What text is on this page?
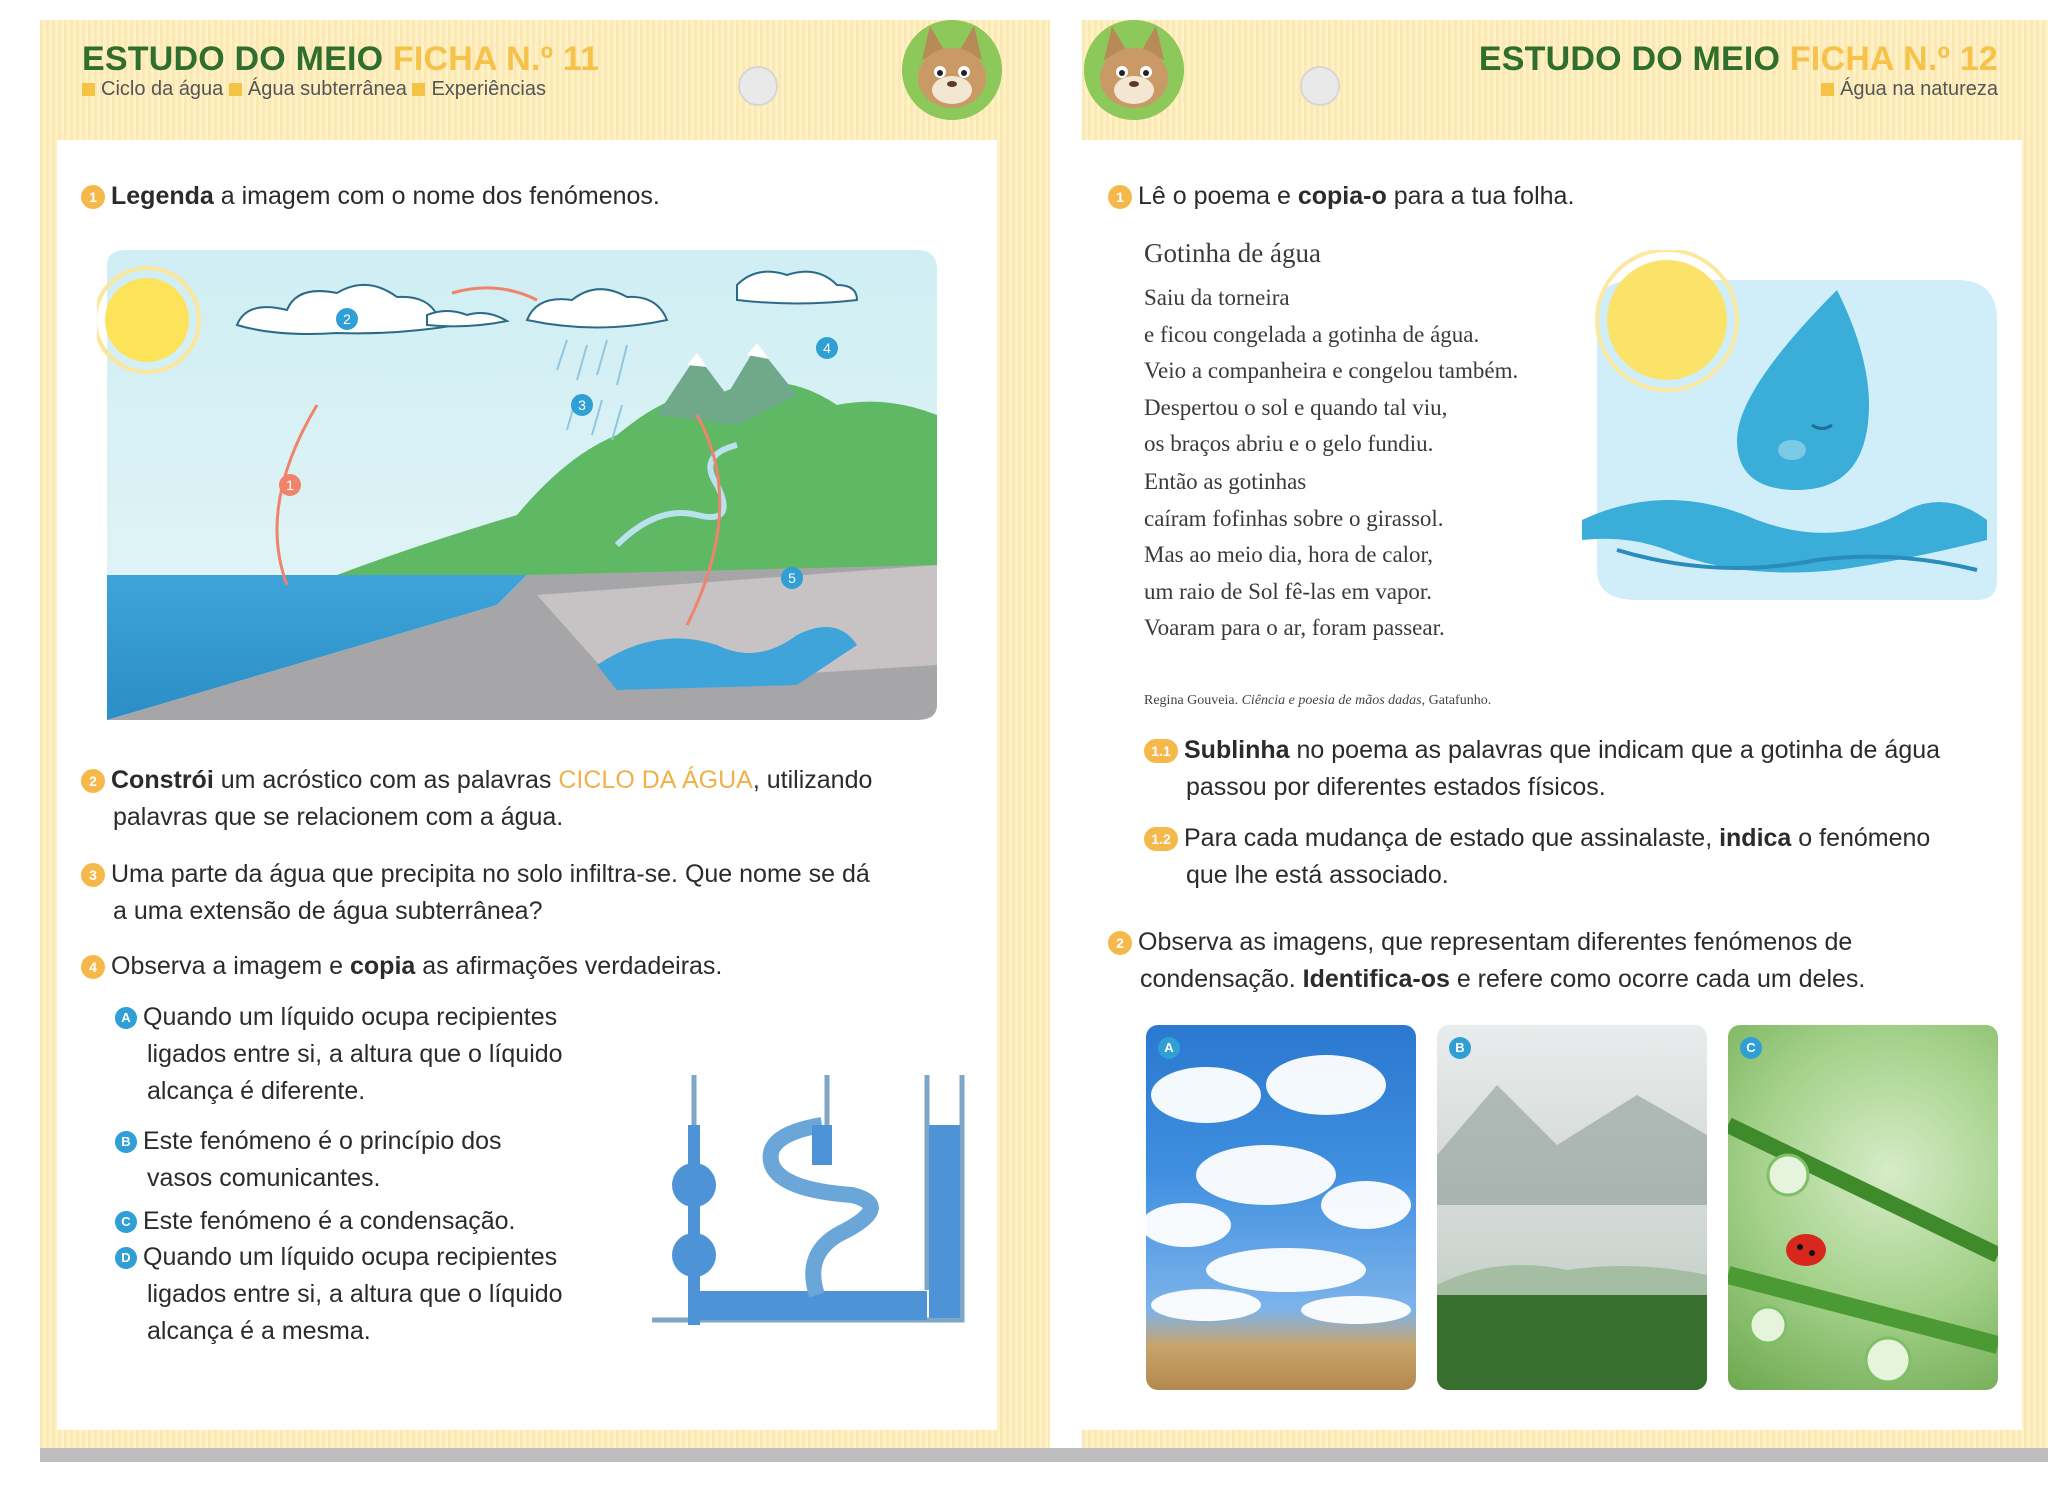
ESTUDO DO MEIO FICHA N.º 11
Ciclo da água Água subterrânea Experiências
1 Legenda a imagem com o nome dos fenómenos.
1
2
3
4
5
2 Constrói um acróstico com as palavras CICLO DA ÁGUA, utilizando
palavras que se relacionem com a água.
3 Uma parte da água que precipita no solo infiltra-se. Que nome se dá
a uma extensão de água subterrânea?
4 Observa a imagem e copia as afirmações verdadeiras.
A Quando um líquido ocupa recipientes
ligados entre si, a altura que o líquido
alcança é diferente.
B Este fenómeno é o princípio dos
vasos comunicantes.
C Este fenómeno é a condensação.
D Quando um líquido ocupa recipientes
ligados entre si, a altura que o líquido
alcança é a mesma.
ESTUDO DO MEIO FICHA N.º 12
Água na natureza
1 Lê o poema e copia-o para a tua folha.
Gotinha de água
Saiu da torneira
e ficou congelada a gotinha de água.
Veio a companheira e congelou também.
Despertou o sol e quando tal viu,
os braços abriu e o gelo fundiu.
Então as gotinhas
caíram fofinhas sobre o girassol.
Mas ao meio dia, hora de calor,
um raio de Sol fê-las em vapor.
Voaram para o ar, foram passear.
Regina Gouveia. Ciência e poesia de mãos dadas, Gatafunho.
1.1 Sublinha no poema as palavras que indicam que a gotinha de água
passou por diferentes estados físicos.
1.2 Para cada mudança de estado que assinalaste, indica o fenómeno
que lhe está associado.
2 Observa as imagens, que representam diferentes fenómenos de
condensação. Identifica-os e refere como ocorre cada um deles.
A	B	C
